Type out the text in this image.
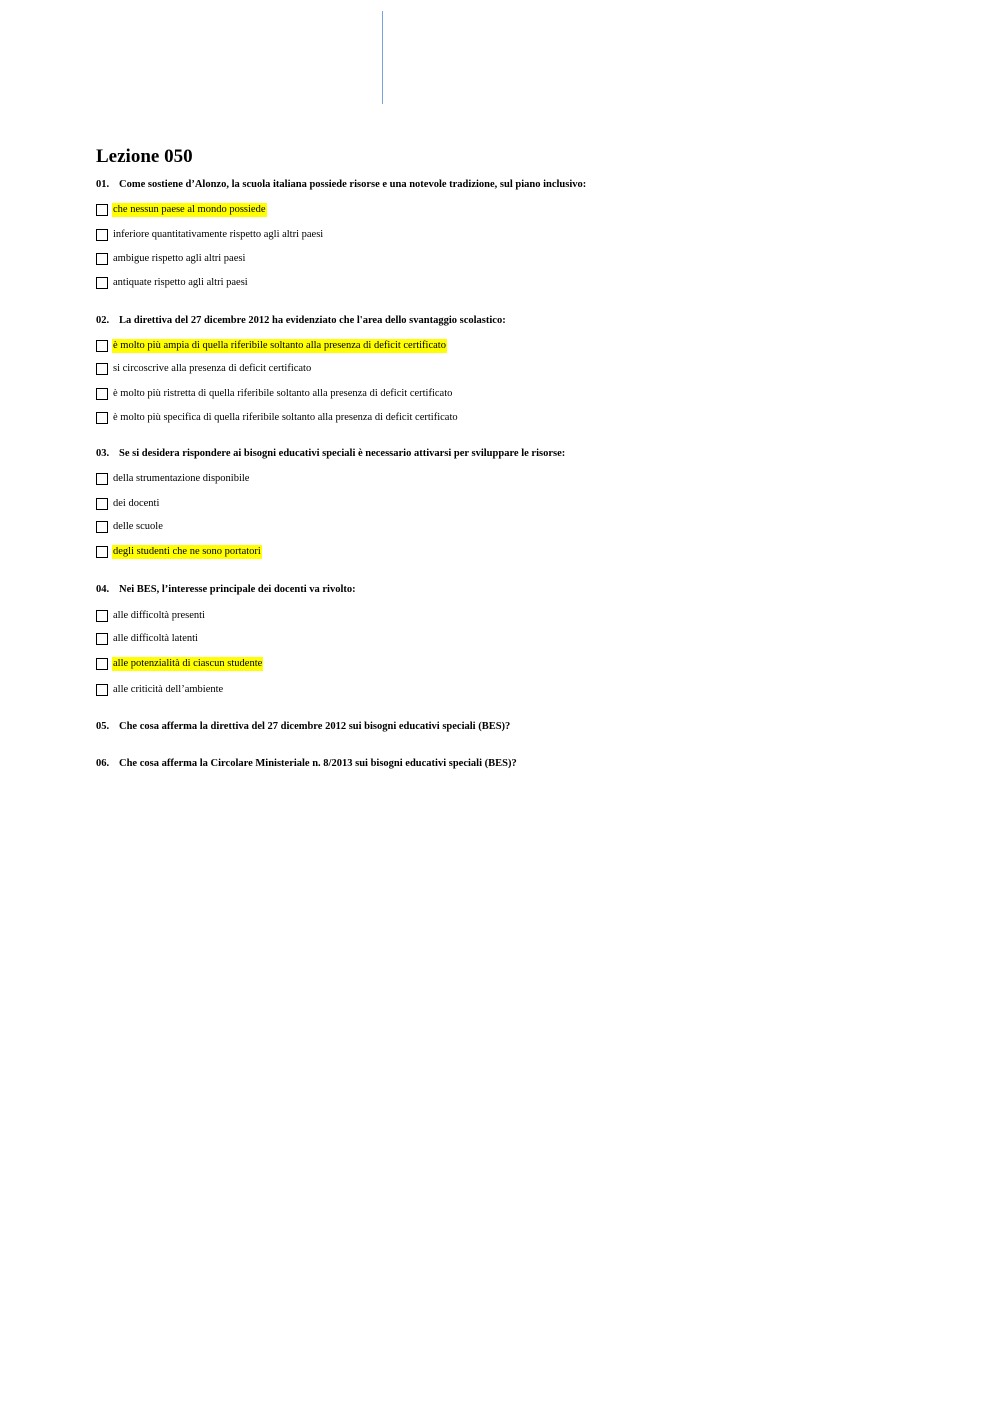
Lezione 050
01. Come sostiene d’Alonzo, la scuola italiana possiede risorse e una notevole tradizione, sul piano inclusivo:
che nessun paese al mondo possiede
inferiore quantitativamente rispetto agli altri paesi
ambigue rispetto agli altri paesi
antiquate rispetto agli altri paesi
02. La direttiva del 27 dicembre 2012 ha evidenziato che l'area dello svantaggio scolastico:
è molto più ampia di quella riferibile soltanto alla presenza di deficit certificato
si circoscrive alla presenza di deficit certificato
è molto più ristretta di quella riferibile soltanto alla presenza di deficit certificato
è molto più specifica di quella riferibile soltanto alla presenza di deficit certificato
03. Se si desidera rispondere ai bisogni educativi speciali è necessario attivarsi per sviluppare le risorse:
della strumentazione disponibile
dei docenti
delle scuole
degli studenti che ne sono portatori
04. Nei BES, l’interesse principale dei docenti va rivolto:
alle difficoltà presenti
alle difficoltà latenti
alle potenzialità di ciascun studente
alle criticità dell’ambiente
05. Che cosa afferma la direttiva del 27 dicembre 2012 sui bisogni educativi speciali (BES)?
06. Che cosa afferma la Circolare Ministeriale n. 8/2013 sui bisogni educativi speciali (BES)?
